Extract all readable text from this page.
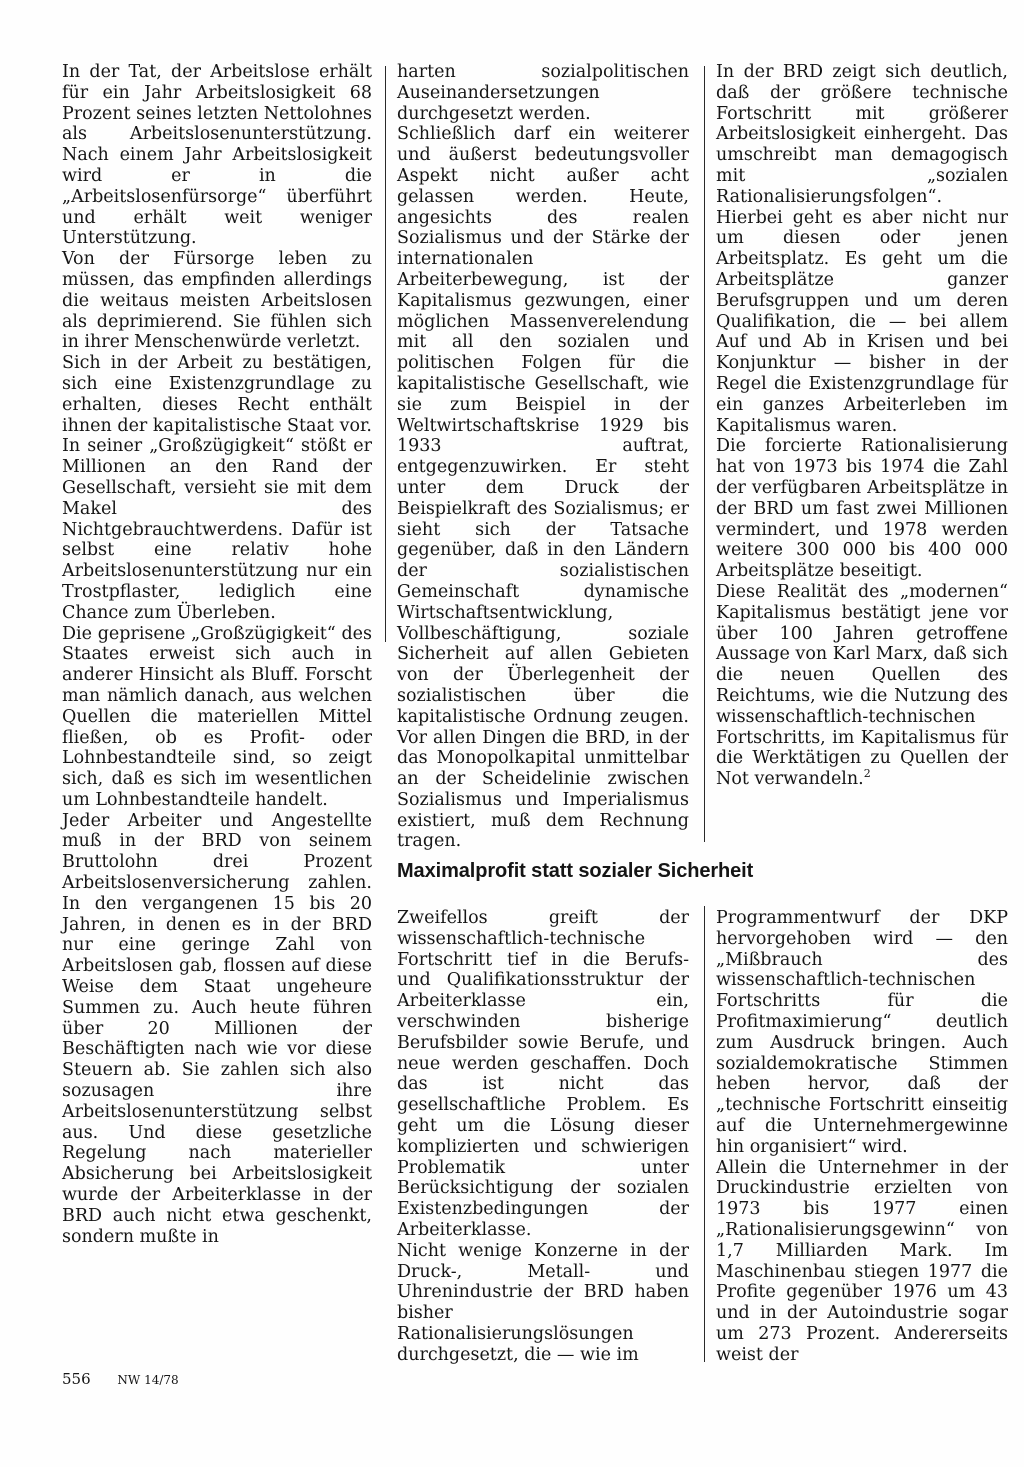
In der Tat, der Arbeitslose erhält für ein Jahr Arbeitslosigkeit 68 Prozent seines letzten Nettolohnes als Arbeitslosenunterstützung. Nach einem Jahr Arbeitslosigkeit wird er in die „Arbeitslosenfürsorge“ überführt und erhält weit weniger Unterstützung.

Von der Fürsorge leben zu müssen, das empfinden allerdings die weitaus meisten Arbeitslosen als deprimierend. Sie fühlen sich in ihrer Menschenwürde verletzt.

Sich in der Arbeit zu bestätigen, sich eine Existenzgrundlage zu erhalten, dieses Recht enthält ihnen der kapitalistische Staat vor. In seiner „Großzügigkeit“ stößt er Millionen an den Rand der Gesellschaft, versieht sie mit dem Makel des Nichtgebrauchtwerdens. Dafür ist selbst eine relativ hohe Arbeitslosenunterstützung nur ein Trostpflaster, lediglich eine Chance zum Überleben.

Die geprisene „Großzügigkeit“ des Staates erweist sich auch in anderer Hinsicht als Bluff. Forscht man nämlich danach, aus welchen Quellen die materiellen Mittel fließen, ob es Profit- oder Lohnbestandteile sind, so zeigt sich, daß es sich im wesentlichen um Lohnbestandteile handelt.

Jeder Arbeiter und Angestellte muß in der BRD von seinem Bruttolohn drei Prozent Arbeitslosenversicherung zahlen. In den vergangenen 15 bis 20 Jahren, in denen es in der BRD nur eine geringe Zahl von Arbeitslosen gab, flossen auf diese Weise dem Staat ungeheure Summen zu. Auch heute führen über 20 Millionen der Beschäftigten nach wie vor diese Steuern ab. Sie zahlen sich also sozusagen ihre Arbeitslosenunterstützung selbst aus. Und diese gesetzliche Regelung nach materieller Absicherung bei Arbeitslosigkeit wurde der Arbeiterklasse in der BRD auch nicht etwa geschenkt, sondern mußte in

harten sozialpolitischen Auseinandersetzungen durchgesetzt werden.

Schließlich darf ein weiterer und äußerst bedeutungsvoller Aspekt nicht außer acht gelassen werden. Heute, angesichts des realen Sozialismus und der Stärke der internationalen Arbeiterbewegung, ist der Kapitalismus gezwungen, einer möglichen Massenverelendung mit all den sozialen und politischen Folgen für die kapitalistische Gesellschaft, wie sie zum Beispiel in der Weltwirtschaftskrise 1929 bis 1933 auftrat, entgegenzuwirken. Er steht unter dem Druck der Beispielkraft des Sozialismus; er sieht sich der Tatsache gegenüber, daß in den Ländern der sozialistischen Gemeinschaft dynamische Wirtschaftsentwicklung, Vollbeschäftigung, soziale Sicherheit auf allen Gebieten von der Überlegenheit der sozialistischen über die kapitalistische Ordnung zeugen. Vor allen Dingen die BRD, in der das Monopolkapital unmittelbar an der Scheidelinie zwischen Sozialismus und Imperialismus existiert, muß dem Rechnung tragen.

In der BRD zeigt sich deutlich, daß der größere technische Fortschritt mit größerer Arbeitslosigkeit einhergeht. Das umschreibt man demagogisch mit „sozialen Rationalisierungsfolgen“.

Hierbei geht es aber nicht nur um diesen oder jenen Arbeitsplatz. Es geht um die Arbeitsplätze ganzer Berufsgruppen und um deren Qualifikation, die — bei allem Auf und Ab in Krisen und bei Konjunktur — bisher in der Regel die Existenzgrundlage für ein ganzes Arbeiterleben im Kapitalismus waren.

Die forcierte Rationalisierung hat von 1973 bis 1974 die Zahl der verfügbaren Arbeitsplätze in der BRD um fast zwei Millionen vermindert, und 1978 werden weitere 300 000 bis 400 000 Arbeitsplätze beseitigt.

Diese Realität des „modernen“ Kapitalismus bestätigt jene vor über 100 Jahren getroffene Aussage von Karl Marx, daß sich die neuen Quellen des Reichtums, wie die Nutzung des wissenschaftlich-technischen Fortschritts, im Kapitalismus für die Werktätigen zu Quellen der Not verwandeln.$^2$

Maximalprofit statt sozialer Sicherheit

Zweifellos greift der wissenschaftlich-technische Fortschritt tief in die Berufs- und Qualifikationsstruktur der Arbeiterklasse ein, verschwinden bisherige Berufsbilder sowie Berufe, und neue werden geschaffen. Doch das ist nicht das gesellschaftliche Problem. Es geht um die Lösung dieser komplizierten und schwierigen Problematik unter Berücksichtigung der sozialen Existenzbedingungen der Arbeiterklasse.

Nicht wenige Konzerne in der Druck-, Metall- und Uhrenindustrie der BRD haben bisher Rationalisierungslösungen durchgesetzt, die — wie im

Programmentwurf der DKP hervorgehoben wird — den „Mißbrauch des wissenschaftlich-technischen Fortschritts für die Profitmaximierung“ deutlich zum Ausdruck bringen. Auch sozialdemokratische Stimmen heben hervor, daß der „technische Fortschritt einseitig auf die Unternehmergewinne hin organisiert“ wird.

Allein die Unternehmer in der Druckindustrie erzielten von 1973 bis 1977 einen „Rationalisierungsgewinn“ von 1,7 Milliarden Mark. Im Maschinenbau stiegen 1977 die Profite gegenüber 1976 um 43 und in der Autoindustrie sogar um 273 Prozent. Andererseits weist der

556 NW 14/78
